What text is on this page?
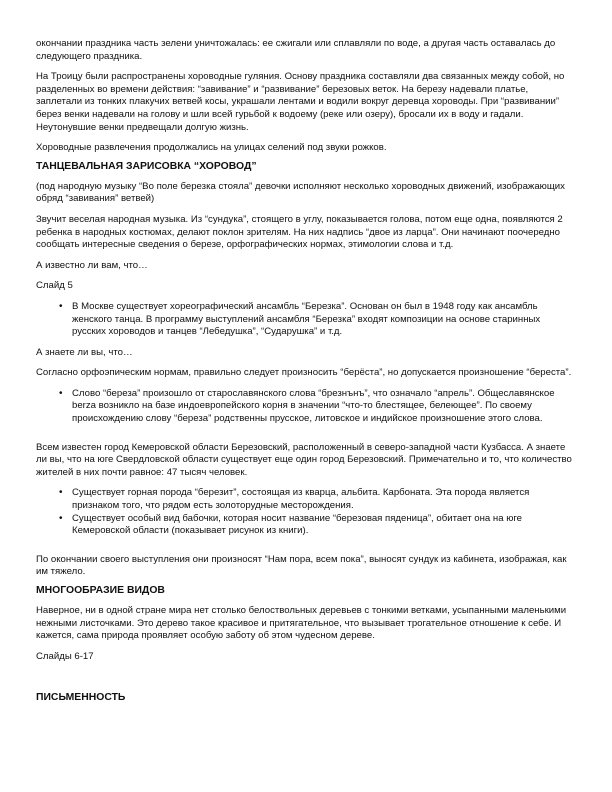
окончании праздника часть зелени уничтожалась: ее сжигали или сплавляли по воде, а другая часть оставалась до следующего праздника.

На Троицу были распространены хороводные гуляния. Основу праздника составляли два связанных между собой, но разделенных во времени действия: “завивание” и “развивание” березовых веток. На березу надевали платье, заплетали из тонких плакучих ветвей косы, украшали лентами и водили вокруг деревца хороводы. При “развивании” берез венки надевали на голову и шли всей гурьбой к водоему (реке или озеру), бросали их в воду и гадали. Неутонувшие венки предвещали долгую жизнь.

Хороводные развлечения продолжались на улицах селений под звуки рожков.

ТАНЦЕВАЛЬНАЯ ЗАРИСОВКА “ХОРОВОД”

(под народную музыку “Во поле березка стояла” девочки исполняют несколько хороводных движений, изображающих обряд “завивания” ветвей)

Звучит веселая народная музыка. Из “сундука”, стоящего в углу, показывается голова, потом еще одна, появляются 2 ребенка в народных костюмах, делают поклон зрителям. На них надпись “двое из ларца”. Они начинают поочередно сообщать интересные сведения о березе, орфографических нормах, этимологии слова и т.д.

А известно ли вам, что…

Слайд 5

• В Москве существует хореографический ансамбль “Березка”. Основан он был в 1948 году как ансамбль женского танца. В программу выступлений ансамбля “Березка” входят композиции на основе старинных русских хороводов и танцев “Лебедушка”, “Сударушка” и т.д.

А знаете ли вы, что…

Согласно орфоэпическим нормам, правильно следует произносить “берёста”, но допускается произношение “береста”.

• Слово “береза” произошло от старославянского слова “брезнънъ”, что означало “апрель”. Общеславянское berza возникло на базе индоевропейского корня в значении “что-то блестящее, белеющее”. По своему происхождению слову “береза” родственны прусское, литовское и индийское произношение этого слова.

Всем известен город Кемеровской области Березовский, расположенный в северо-западной части Кузбасса. А знаете ли вы, что на юге Свердловской области существует еще один город Березовский. Примечательно и то, что количество жителей в них почти равное: 47 тысяч человек.

• Существует горная порода “березит”, состоящая из кварца, альбита. Карбоната. Эта порода является признаком того, что рядом есть золоторудные месторождения.
• Существует особый вид бабочки, которая носит название “березовая пяденица”, обитает она на юге Кемеровской области (показывает рисунок из книги).

По окончании своего выступления они произносят “Нам пора, всем пока”, выносят сундук из кабинета, изображая, как им тяжело.

МНОГООБРАЗИЕ ВИДОВ

Наверное, ни в одной стране мира нет столько белоствольных деревьев с тонкими ветками, усыпанными маленькими нежными листочками. Это дерево такое красивое и притягательное, что вызывает трогательное отношение к себе. И кажется, сама природа проявляет особую заботу об этом чудесном дереве.

Слайды 6-17

ПИСЬМЕННОСТЬ
